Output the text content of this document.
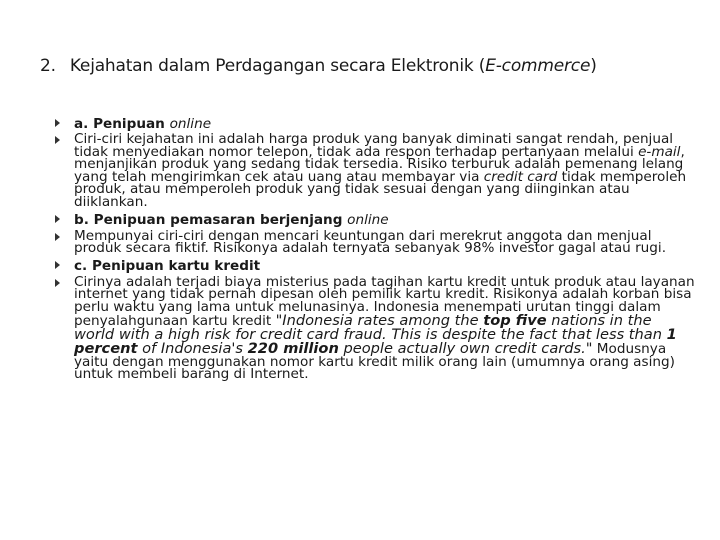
2. Kejahatan dalam Perdagangan secara Elektronik (E-commerce)
a. Penipuan online
Ciri-ciri kejahatan ini adalah harga produk yang banyak diminati sangat rendah, penjual tidak menyediakan nomor telepon, tidak ada respon terhadap pertanyaan melalui e-mail, menjanjikan produk yang sedang tidak tersedia. Risiko terburuk adalah pemenang lelang yang telah mengirimkan cek atau uang atau membayar via credit card tidak memperoleh produk, atau memperoleh produk yang tidak sesuai dengan yang diinginkan atau diiklankan.
b. Penipuan pemasaran berjenjang online
Mempunyai ciri-ciri dengan mencari keuntungan dari merekrut anggota dan menjual produk secara fiktif. Risikonya adalah ternyata sebanyak 98% investor gagal atau rugi.
c. Penipuan kartu kredit
Cirinya adalah terjadi biaya misterius pada tagihan kartu kredit untuk produk atau layanan internet yang tidak pernah dipesan oleh pemilik kartu kredit. Risikonya adalah korban bisa perlu waktu yang lama untuk melunasinya. Indonesia menempati urutan tinggi dalam penyalahgunaan kartu kredit "Indonesia rates among the top five nations in the world with a high risk for credit card fraud. This is despite the fact that less than 1 percent of Indonesia's 220 million people actually own credit cards." Modusnya yaitu dengan menggunakan nomor kartu kredit milik orang lain (umumnya orang asing) untuk membeli barang di Internet.
